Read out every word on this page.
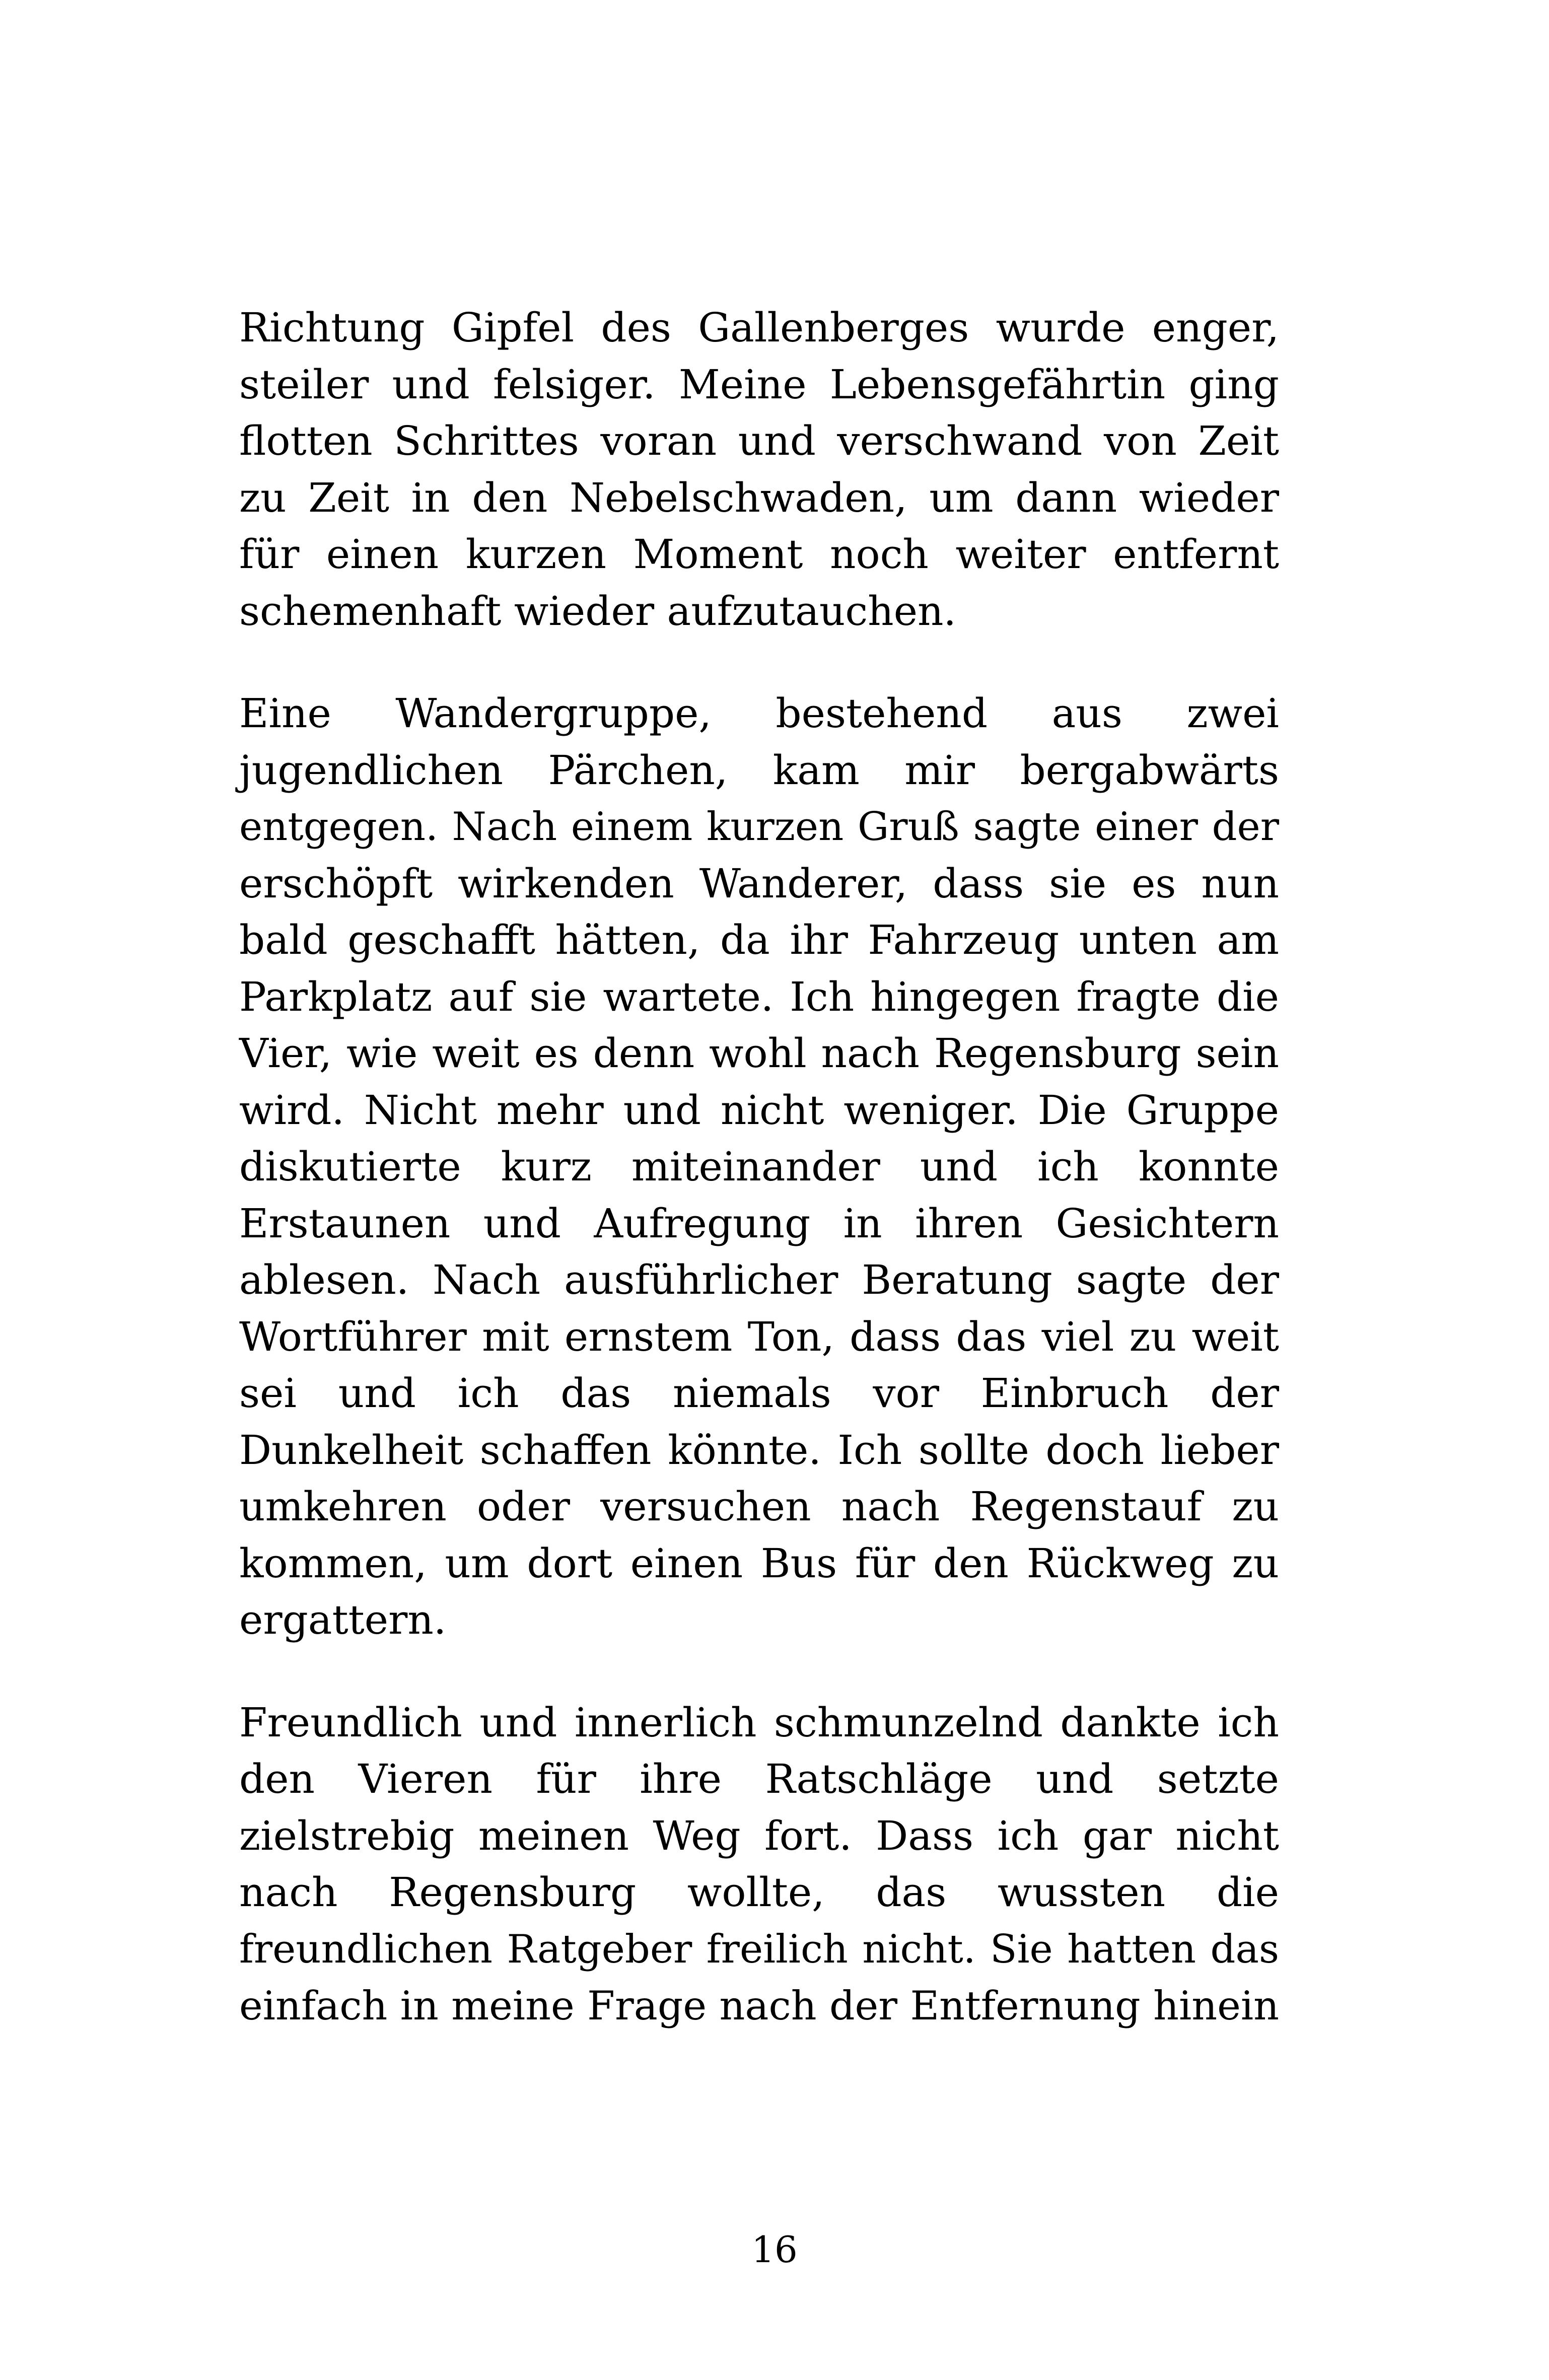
Richtung Gipfel des Gallenberges wurde enger,
steiler und felsiger. Meine Lebensgefährtin ging
flotten Schrittes voran und verschwand von Zeit
zu Zeit in den Nebelschwaden, um dann wieder
für einen kurzen Moment noch weiter entfernt
schemenhaft wieder aufzutauchen.
Eine Wandergruppe, bestehend aus zwei
jugendlichen Pärchen, kam mir bergabwärts
entgegen. Nach einem kurzen Gruß sagte einer der
erschöpft wirkenden Wanderer, dass sie es nun
bald geschafft hätten, da ihr Fahrzeug unten am
Parkplatz auf sie wartete. Ich hingegen fragte die
Vier, wie weit es denn wohl nach Regensburg sein
wird. Nicht mehr und nicht weniger. Die Gruppe
diskutierte kurz miteinander und ich konnte
Erstaunen und Aufregung in ihren Gesichtern
ablesen. Nach ausführlicher Beratung sagte der
Wortführer mit ernstem Ton, dass das viel zu weit
sei und ich das niemals vor Einbruch der
Dunkelheit schaffen könnte. Ich sollte doch lieber
umkehren oder versuchen nach Regenstauf zu
kommen, um dort einen Bus für den Rückweg zu
ergattern.
Freundlich und innerlich schmunzelnd dankte ich
den Vieren für ihre Ratschläge und setzte
zielstrebig meinen Weg fort. Dass ich gar nicht
nach Regensburg wollte, das wussten die
freundlichen Ratgeber freilich nicht. Sie hatten das
einfach in meine Frage nach der Entfernung hinein
16
